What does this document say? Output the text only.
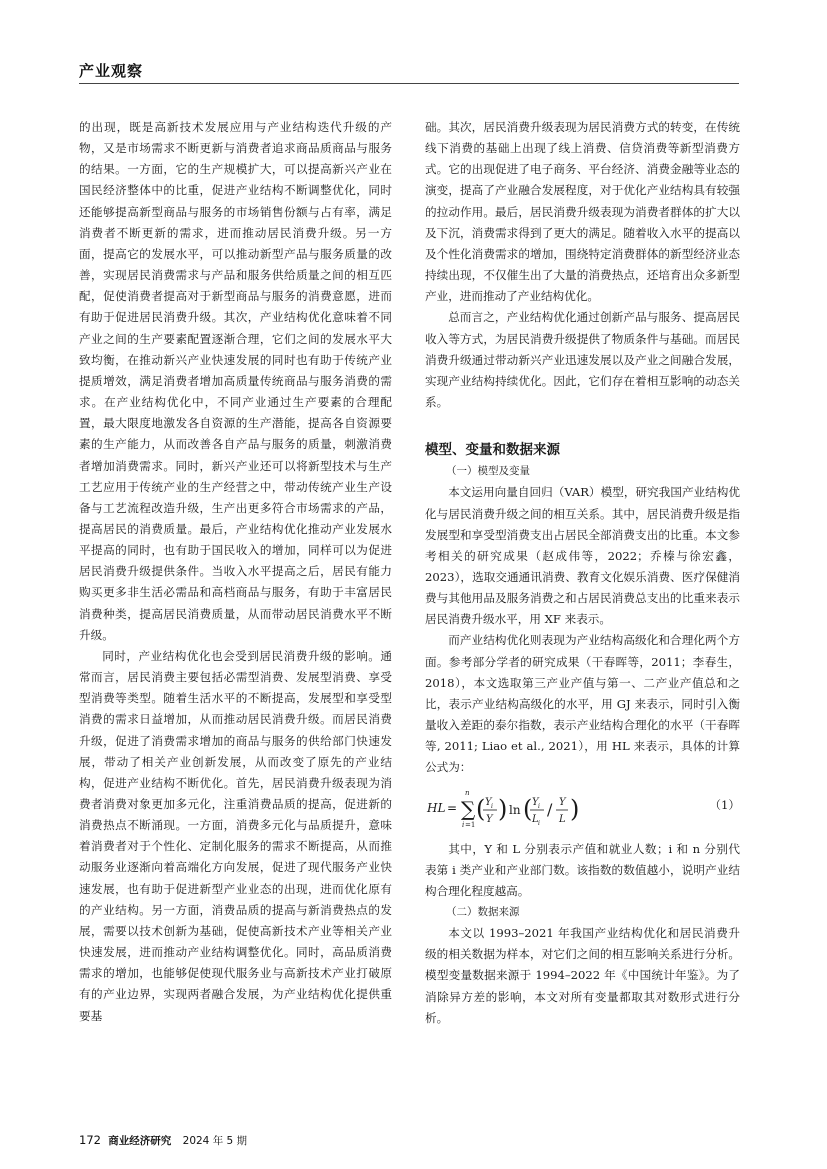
产业观察

的出现，既是高新技术发展应用与产业结构迭代升级的产物，又是市场需求不断更新与消费者追求商品质商品与服务的结果。一方面，它的生产规模扩大，可以提高新兴产业在国民经济整体中的比重，促进产业结构不断调整优化，同时还能够提高新型商品与服务的市场销售份额与占有率，满足消费者不断更新的需求，进而推动居民消费升级。另一方面，提高它的发展水平，可以推动新型产品与服务质量的改善，实现居民消费需求与产品和服务供给质量之间的相互匹配，促使消费者提高对于新型商品与服务的消费意愿，进而有助于促进居民消费升级。其次，产业结构优化意味着不同产业之间的生产要素配置逐渐合理，它们之间的发展水平大致均衡，在推动新兴产业快速发展的同时也有助于传统产业提质增效，满足消费者增加高质量传统商品与服务消费的需求。在产业结构优化中，不同产业通过生产要素的合理配置，最大限度地激发各自资源的生产潜能，提高各自资源要素的生产能力，从而改善各自产品与服务的质量，刺激消费者增加消费需求。同时，新兴产业还可以将新型技术与生产工艺应用于传统产业的生产经营之中，带动传统产业生产设备与工艺流程改造升级，生产出更多符合市场需求的产品，提高居民的消费质量。最后，产业结构优化推动产业发展水平提高的同时，也有助于国民收入的增加，同样可以为促进居民消费升级提供条件。当收入水平提高之后，居民有能力购买更多非生活必需品和高档商品与服务，有助于丰富居民消费种类，提高居民消费质量，从而带动居民消费水平不断升级。

同时，产业结构优化也会受到居民消费升级的影响。通常而言，居民消费主要包括必需型消费、发展型消费、享受型消费等类型。随着生活水平的不断提高，发展型和享受型消费的需求日益增加，从而推动居民消费升级。而居民消费升级，促进了消费需求增加的商品与服务的供给部门快速发展，带动了相关产业创新发展，从而改变了原先的产业结构，促进产业结构不断优化。首先，居民消费升级表现为消费者消费对象更加多元化，注重消费品质的提高，促进新的消费热点不断涌现。一方面，消费多元化与品质提升，意味着消费者对于个性化、定制化服务的需求不断提高，从而推动服务业逐渐向着高端化方向发展，促进了现代服务产业快速发展，也有助于促进新型产业业态的出现，进而优化原有的产业结构。另一方面，消费品质的提高与新消费热点的发展，需要以技术创新为基础，促使高新技术产业等相关产业快速发展，进而推动产业结构调整优化。同时，高品质消费需求的增加，也能够促使现代服务业与高新技术产业打破原有的产业边界，实现两者融合发展，为产业结构优化提供重要基

础。其次，居民消费升级表现为居民消费方式的转变，在传统线下消费的基础上出现了线上消费、信贷消费等新型消费方式。它的出现促进了电子商务、平台经济、消费金融等业态的演变，提高了产业融合发展程度，对于优化产业结构具有较强的拉动作用。最后，居民消费升级表现为消费者群体的扩大以及下沉，消费需求得到了更大的满足。随着收入水平的提高以及个性化消费需求的增加，围绕特定消费群体的新型经济业态持续出现，不仅催生出了大量的消费热点，还培育出众多新型产业，进而推动了产业结构优化。

总而言之，产业结构优化通过创新产品与服务、提高居民收入等方式，为居民消费升级提供了物质条件与基础。而居民消费升级通过带动新兴产业迅速发展以及产业之间融合发展，实现产业结构持续优化。因此，它们存在着相互影响的动态关系。

模型、变量和数据来源
（一）模型及变量

本文运用向量自回归（VAR）模型，研究我国产业结构优化与居民消费升级之间的相互关系。其中，居民消费升级是指发展型和享受型消费支出占居民全部消费支出的比重。本文参考相关的研究成果（赵成伟等，2022；乔榛与徐宏鑫，2023），选取交通通讯消费、教育文化娱乐消费、医疗保健消费与其他用品及服务消费之和占居民消费总支出的比重来表示居民消费升级水平，用 XF 来表示。

而产业结构优化则表现为产业结构高级化和合理化两个方面。参考部分学者的研究成果（干春晖等，2011；李春生，2018），本文选取第三产业产值与第一、二产业产值总和之比，表示产业结构高级化的水平，用 GJ 来表示，同时引入衡量收入差距的泰尔指数，表示产业结构合理化的水平（干春晖等, 2011; Liao et al., 2021），用 HL 来表示，具体的计算公式为：

HL = ∑
n
i =1
( Y i
Y ) ln ( Y i
L i
/ Y
L )	（1）

其中，Y 和 L 分别表示产值和就业人数；i 和 n 分别代表第 i 类产业和产业部门数。该指数的数值越小，说明产业结构合理化程度越高。

（二）数据来源

本文以 1993–2021 年我国产业结构优化和居民消费升级的相关数据为样本，对它们之间的相互影响关系进行分析。模型变量数据来源于 1994–2022 年《中国统计年鉴》。为了消除异方差的影响，本文对所有变量都取其对数形式进行分析。

172 商业经济研究 2024 年 5 期
